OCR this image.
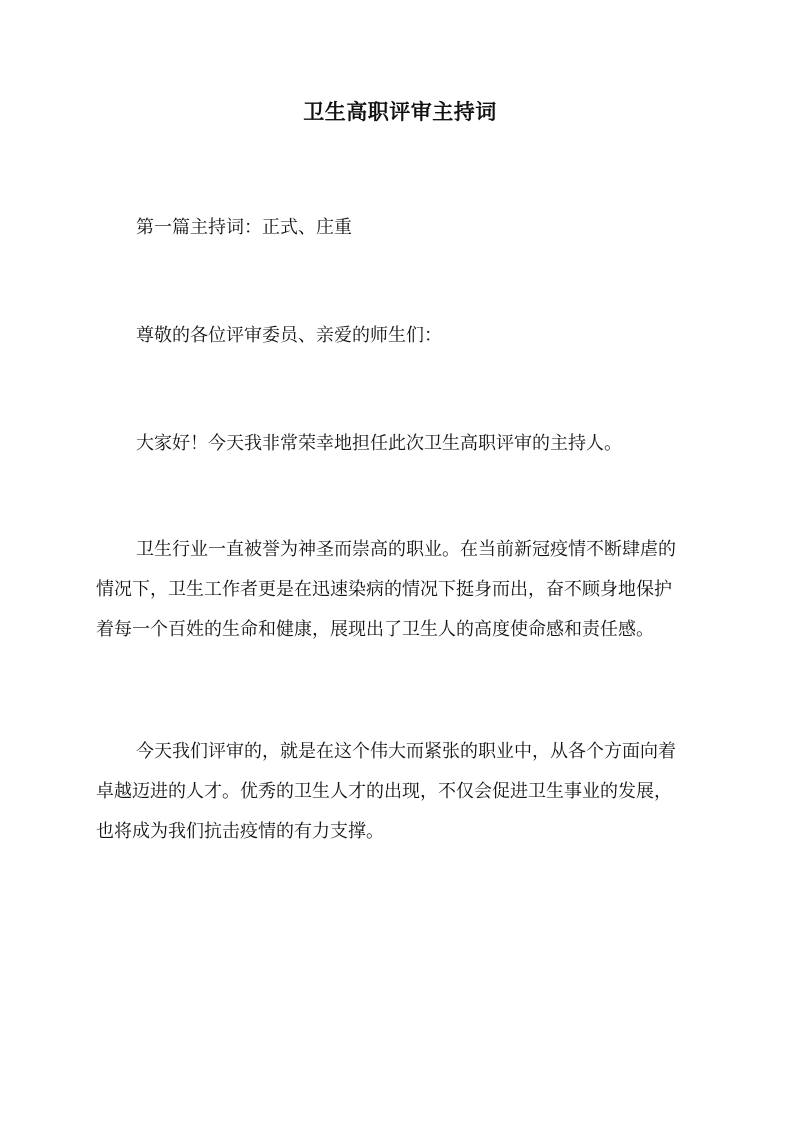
卫生高职评审主持词

第一篇主持词：正式、庄重

尊敬的各位评审委员、亲爱的师生们：

大家好！今天我非常荣幸地担任此次卫生高职评审的主持人。

卫生行业一直被誉为神圣而崇高的职业。在当前新冠疫情不断肆虐的
情况下，卫生工作者更是在迅速染病的情况下挺身而出，奋不顾身地保护
着每一个百姓的生命和健康，展现出了卫生人的高度使命感和责任感。
今天我们评审的，就是在这个伟大而紧张的职业中，从各个方面向着
卓越迈进的人才。优秀的卫生人才的出现，不仅会促进卫生事业的发展，
也将成为我们抗击疫情的有力支撑。
